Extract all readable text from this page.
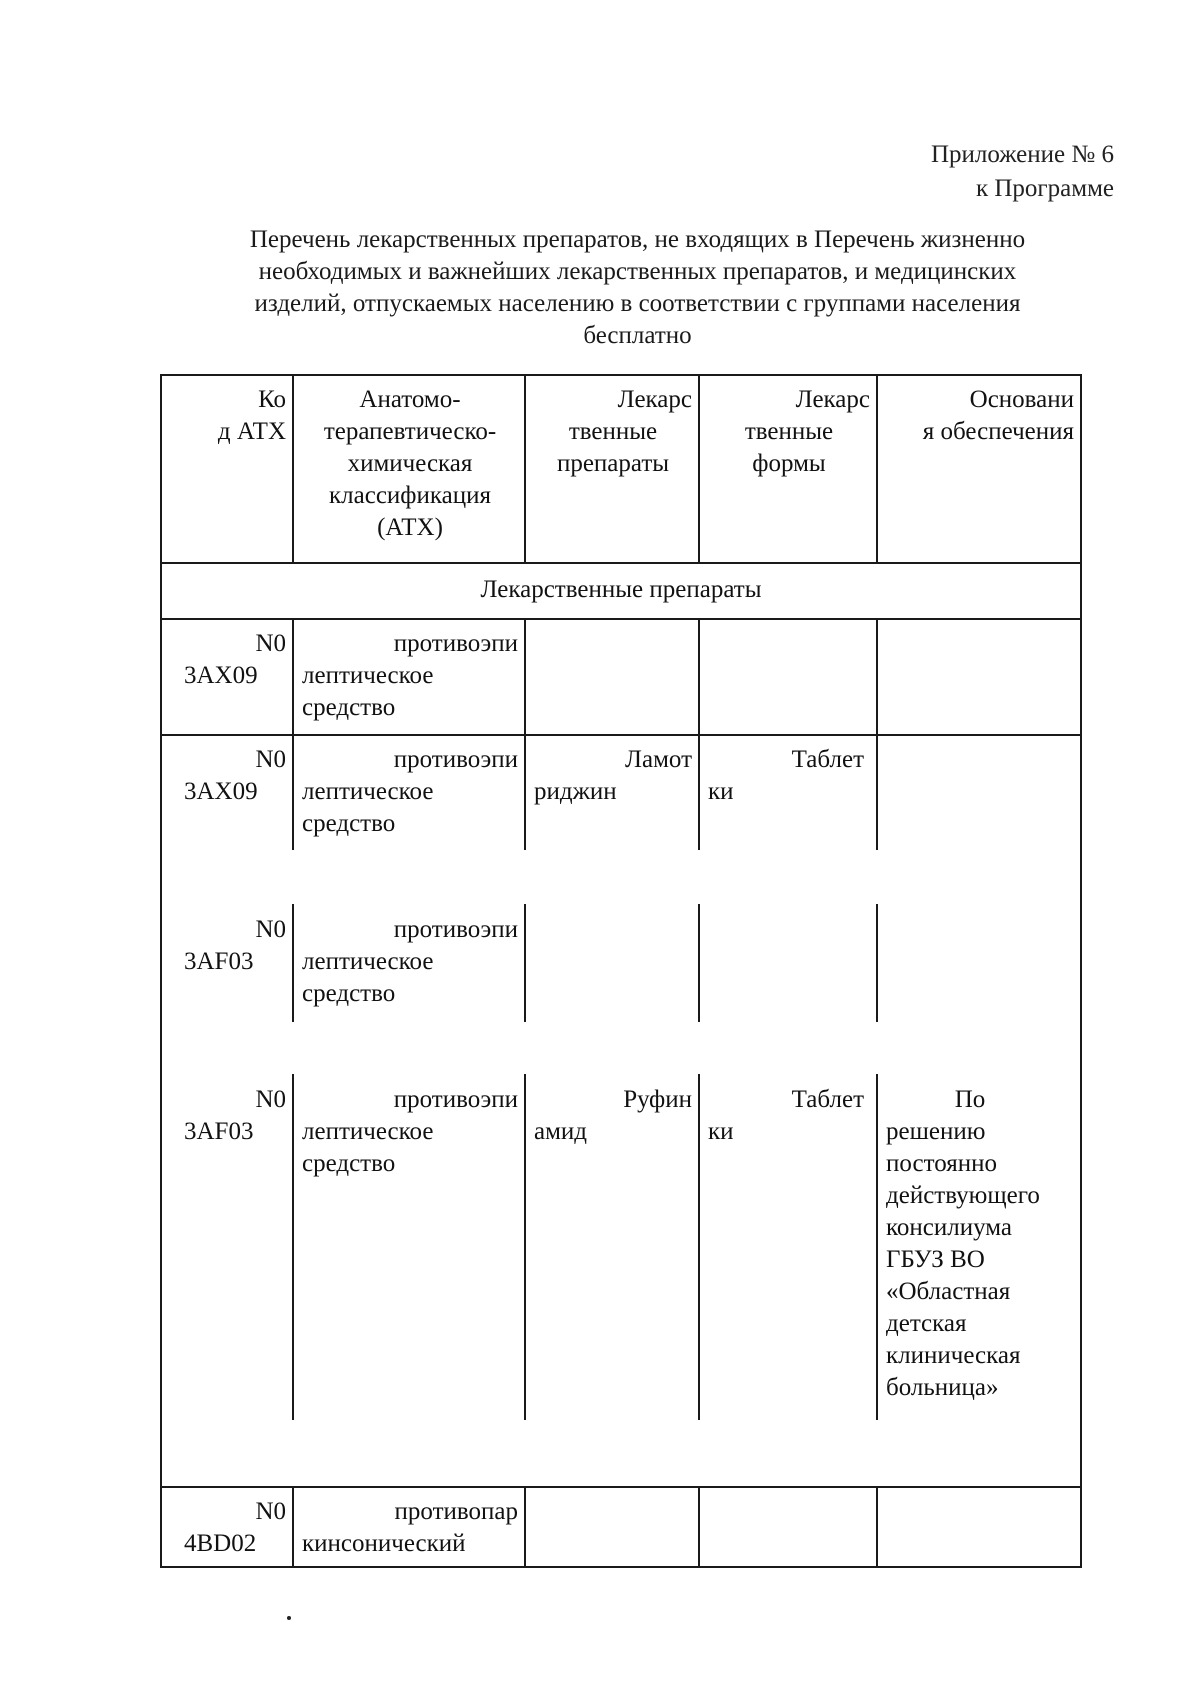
Приложение № 6
к Программе
Перечень лекарственных препаратов, не входящих в Перечень жизненно
необходимых и важнейших лекарственных препаратов, и медицинских
изделий, отпускаемых населению в соответствии с группами населения
бесплатно
Ко
д АТХ
Анатомо-
терапевтическо-
химическая
классификация
(АТХ)
Лекарс
твенные
препараты
Лекарс
твенные
формы
Основани
я обеспечения
Лекарственные препараты
N0
3AX09
противоэпи
лептическое
средство
N0
3AX09
противоэпи
лептическое
средство
Ламот
риджин
Таблет
ки
N0
3AF03
противоэпи
лептическое
средство
N0
3AF03
противоэпи
лептическое
средство
Руфин
амид
Таблет
ки
По
решению
постоянно
действующего
консилиума
ГБУЗ ВО
«Областная
детская
клиническая
больница»
N0
4BD02
противопар
кинсонический
